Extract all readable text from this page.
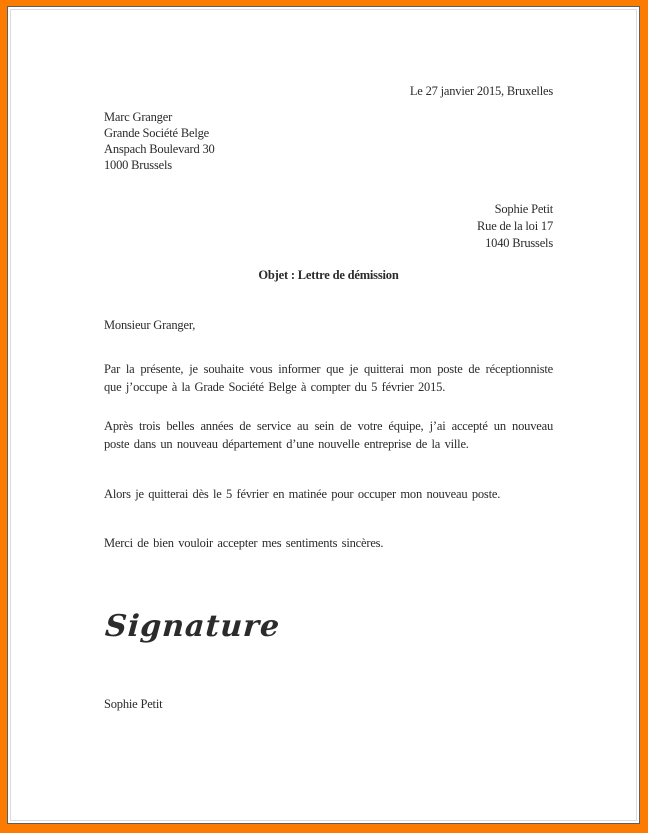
Le 27 janvier 2015, Bruxelles

Marc Granger
Grande Société Belge
Anspach Boulevard 30
1000 Brussels
Sophie Petit
Rue de la loi 17
1040 Brussels

Objet : Lettre de démission

Monsieur Granger,

Par la présente, je souhaite vous informer que je quitterai mon poste de réceptionniste que j’occupe à la Grade Société Belge à compter du 5 février 2015.

Après trois belles années de service au sein de votre équipe, j’ai accepté un nouveau poste dans un nouveau département d’une nouvelle entreprise de la ville.

Alors je quitterai dès le 5 février en matinée pour occuper mon nouveau poste.

Merci de bien vouloir accepter mes sentiments sincères.

Signature
Sophie Petit
